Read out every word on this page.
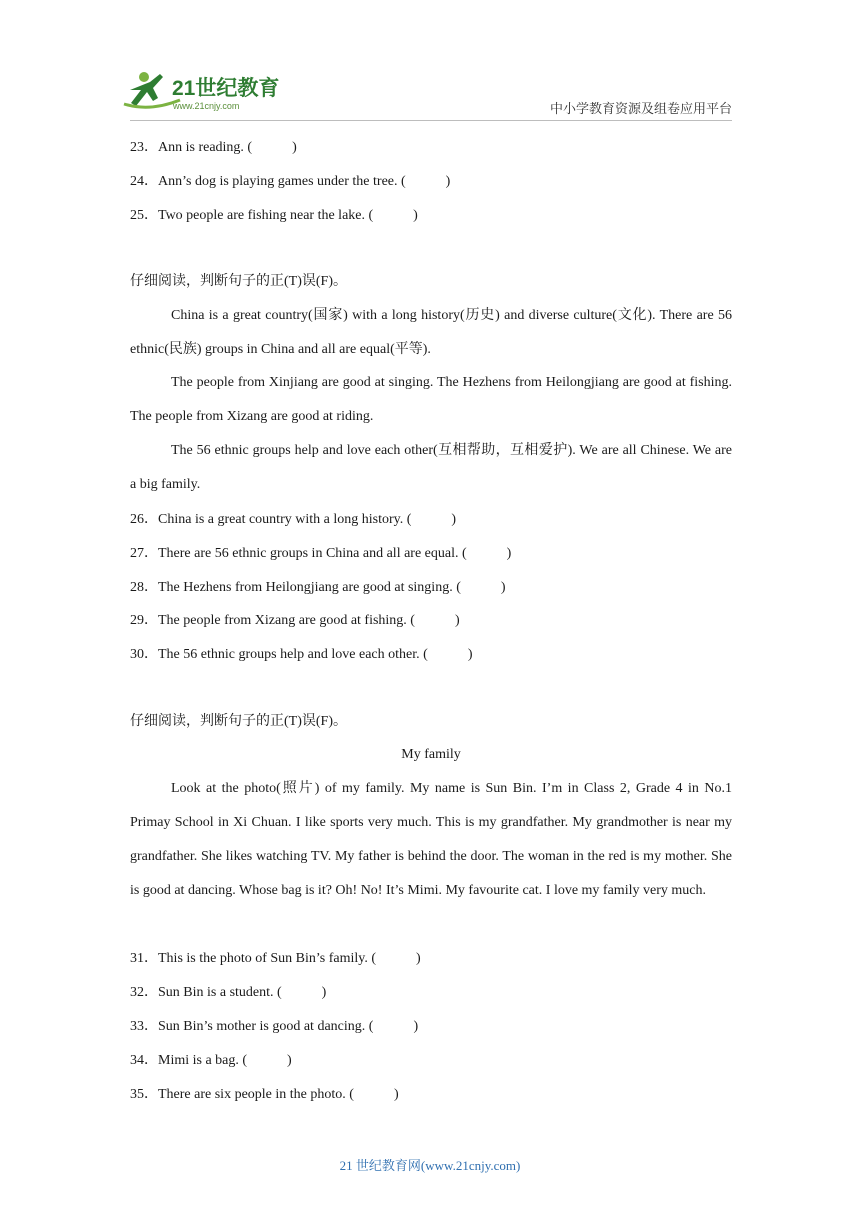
21世纪教育
www.21cnjy.com	中小学教育资源及组卷应用平台
23．Ann is reading. (	)
24．Ann’s dog is playing games under the tree. (	)
25．Two people are fishing near the lake. (	)
仔细阅读，判断句子的正(T)误(F)。
China is a great country(国家) with a long history(历史) and diverse culture(文化). There are 56 ethnic(民族) groups in China and all are equal(平等).
The people from Xinjiang are good at singing. The Hezhens from Heilongjiang are good at fishing. The people from Xizang are good at riding.
The 56 ethnic groups help and love each other(互相帮助，互相爱护). We are all Chinese. We are a big family.
26．China is a great country with a long history. (	)
27．There are 56 ethnic groups in China and all are equal. (	)
28．The Hezhens from Heilongjiang are good at singing. (	)
29．The people from Xizang are good at fishing. (	)
30．The 56 ethnic groups help and love each other. (	)
仔细阅读，判断句子的正(T)误(F)。
My family
Look at the photo(照片) of my family. My name is Sun Bin. I’m in Class 2, Grade 4 in No.1 Primay School in Xi Chuan. I like sports very much. This is my grandfather. My grandmother is near my grandfather. She likes watching TV. My father is behind the door. The woman in the red is my mother. She is good at dancing. Whose bag is it? Oh! No! It’s Mimi. My favourite cat. I love my family very much.
31．This is the photo of Sun Bin’s family. (	)
32．Sun Bin is a student. (	)
33．Sun Bin’s mother is good at dancing. (	)
34．Mimi is a bag. (	)
35．There are six people in the photo. (	)
21 世纪教育网(www.21cnjy.com)
